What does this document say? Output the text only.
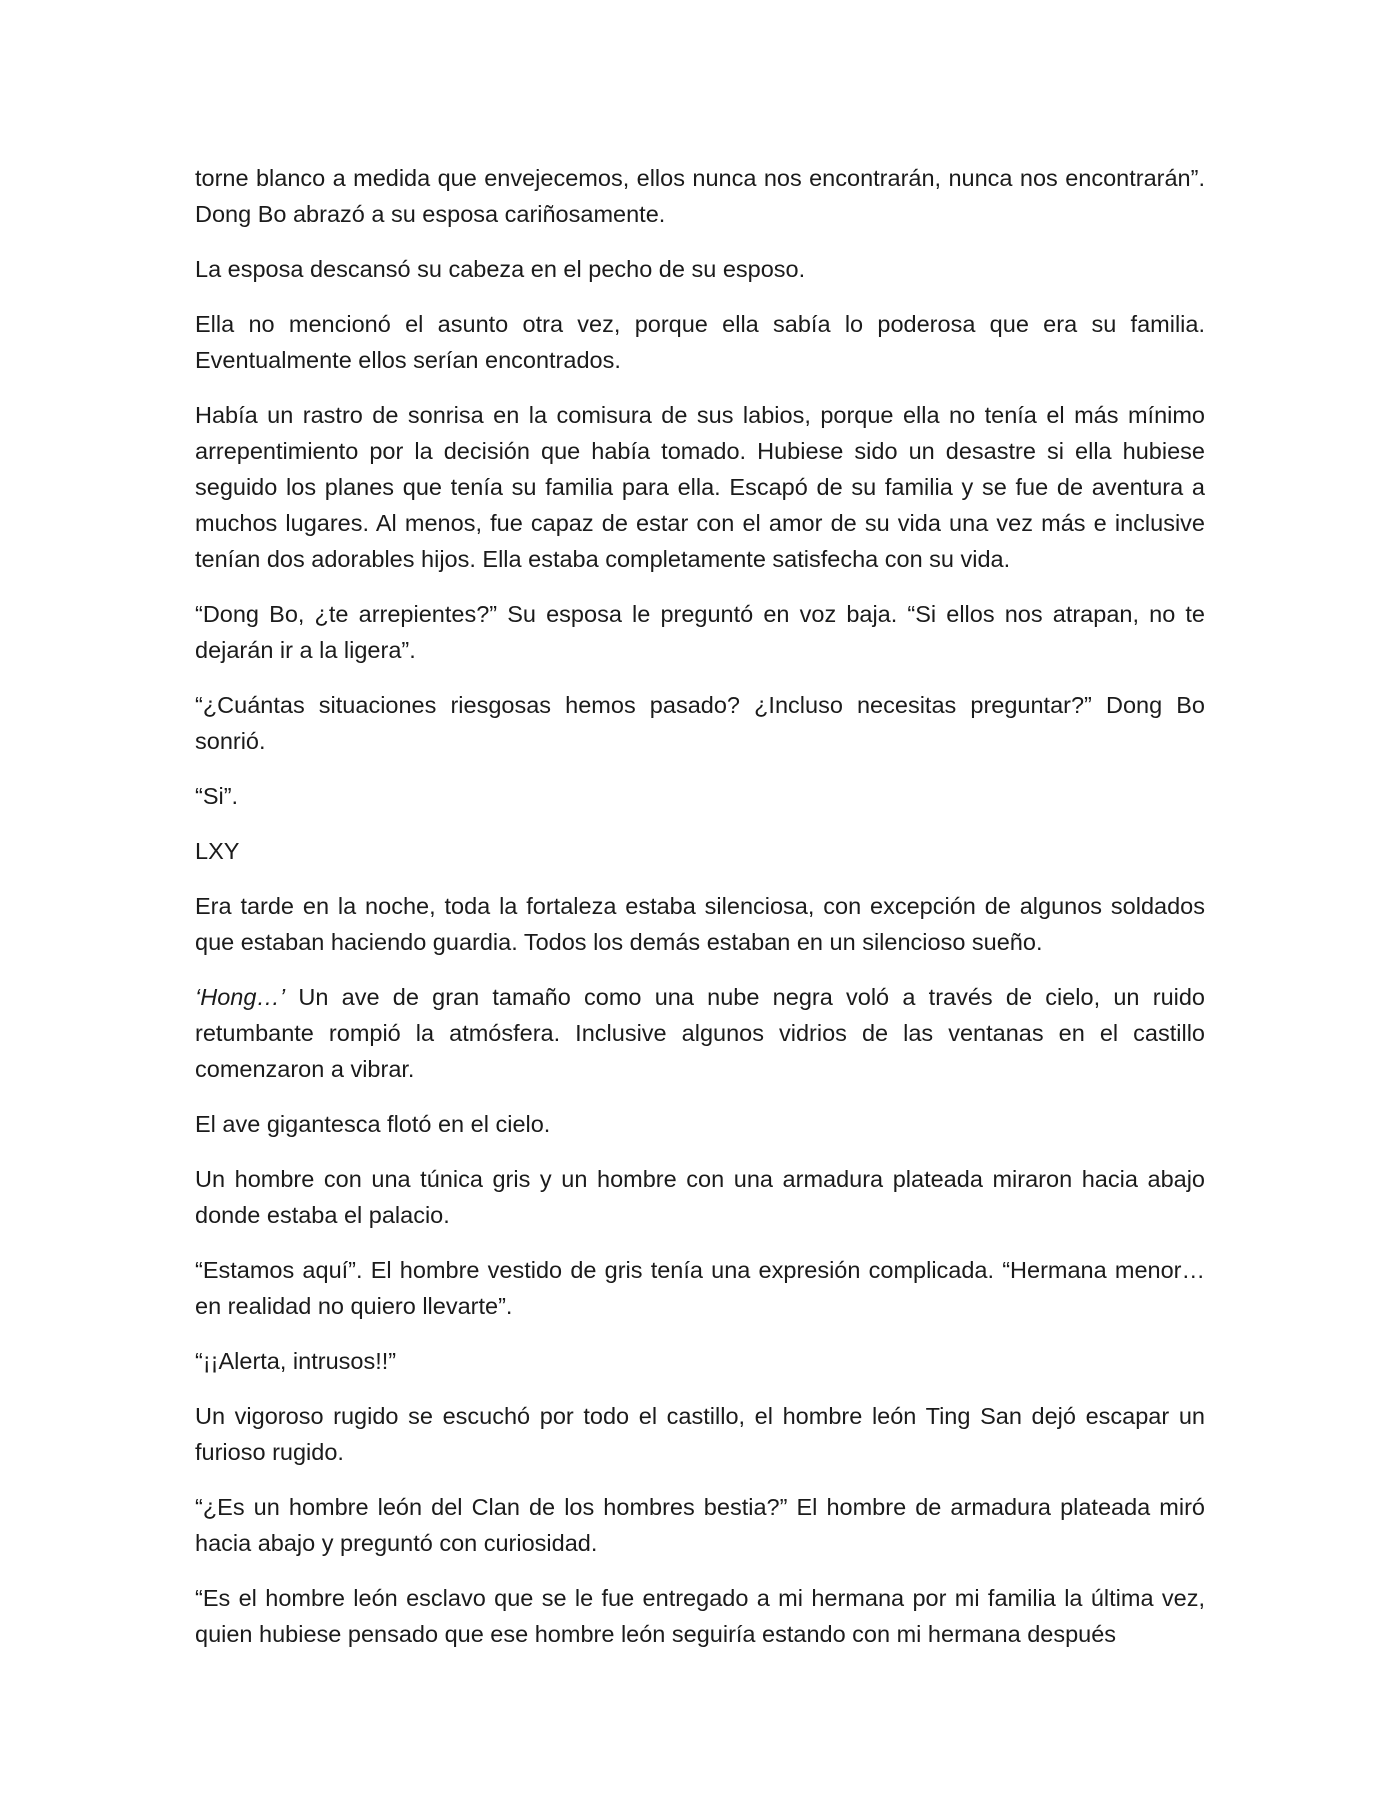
torne blanco a medida que envejecemos, ellos nunca nos encontrarán, nunca nos encontrarán”. Dong Bo abrazó a su esposa cariñosamente.

La esposa descansó su cabeza en el pecho de su esposo.

Ella no mencionó el asunto otra vez, porque ella sabía lo poderosa que era su familia. Eventualmente ellos serían encontrados.

Había un rastro de sonrisa en la comisura de sus labios, porque ella no tenía el más mínimo arrepentimiento por la decisión que había tomado. Hubiese sido un desastre si ella hubiese seguido los planes que tenía su familia para ella. Escapó de su familia y se fue de aventura a muchos lugares. Al menos, fue capaz de estar con el amor de su vida una vez más e inclusive tenían dos adorables hijos. Ella estaba completamente satisfecha con su vida.

“Dong Bo, ¿te arrepientes?” Su esposa le preguntó en voz baja. “Si ellos nos atrapan, no te dejarán ir a la ligera”.

“¿Cuántas situaciones riesgosas hemos pasado? ¿Incluso necesitas preguntar?” Dong Bo sonrió.

“Si”.

LXY

Era tarde en la noche, toda la fortaleza estaba silenciosa, con excepción de algunos soldados que estaban haciendo guardia. Todos los demás estaban en un silencioso sueño.

‘Hong…’ Un ave de gran tamaño como una nube negra voló a través de cielo, un ruido retumbante rompió la atmósfera. Inclusive algunos vidrios de las ventanas en el castillo comenzaron a vibrar.

El ave gigantesca flotó en el cielo.

Un hombre con una túnica gris y un hombre con una armadura plateada miraron hacia abajo donde estaba el palacio.

“Estamos aquí”. El hombre vestido de gris tenía una expresión complicada. “Hermana menor… en realidad no quiero llevarte”.

“¡¡Alerta, intrusos!!”

Un vigoroso rugido se escuchó por todo el castillo, el hombre león Ting San dejó escapar un furioso rugido.

“¿Es un hombre león del Clan de los hombres bestia?” El hombre de armadura plateada miró hacia abajo y preguntó con curiosidad.

“Es el hombre león esclavo que se le fue entregado a mi hermana por mi familia la última vez, quien hubiese pensado que ese hombre león seguiría estando con mi hermana después
